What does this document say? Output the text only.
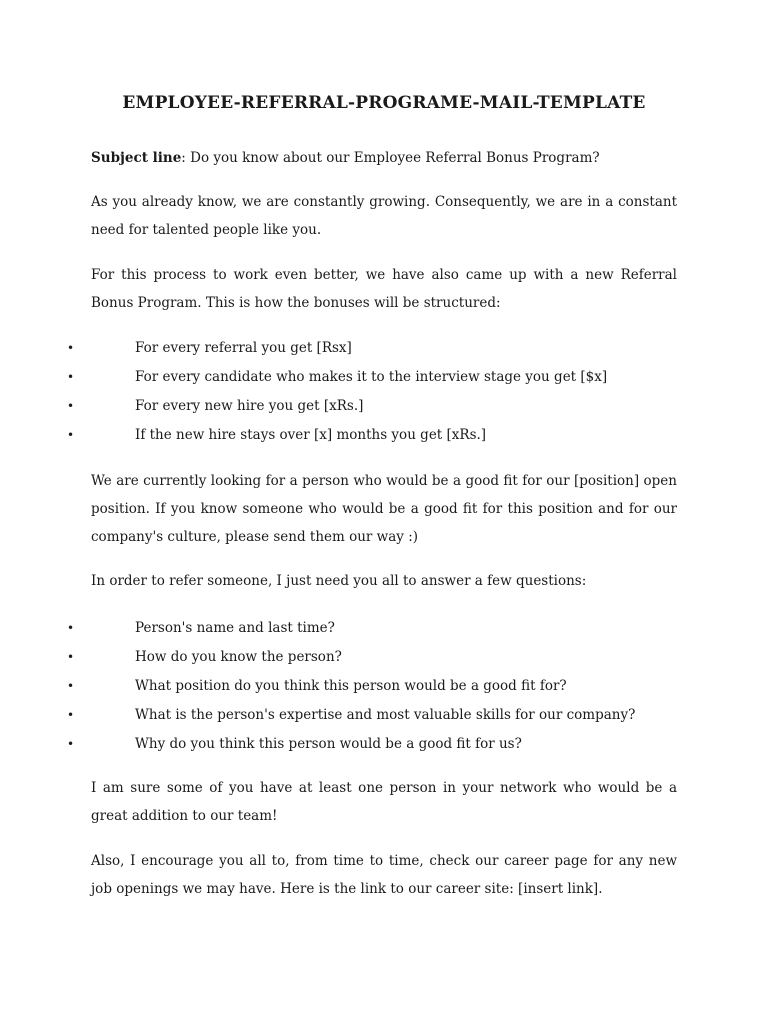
EMPLOYEE-REFERRAL-PROGRAME-MAIL-TEMPLATE
Subject line: Do you know about our Employee Referral Bonus Program?
As you already know, we are constantly growing. Consequently, we are in a constant need for talented people like you.
For this process to work even better, we have also came up with a new Referral Bonus Program. This is how the bonuses will be structured:
•	For every referral you get [Rsx]
•	For every candidate who makes it to the interview stage you get [$x]
•	For every new hire you get [xRs.]
•	If the new hire stays over [x] months you get [xRs.]
We are currently looking for a person who would be a good fit for our [position] open position. If you know someone who would be a good fit for this position and for our company's culture, please send them our way :)
In order to refer someone, I just need you all to answer a few questions:
•	Person's name and last time?
•	How do you know the person?
•	What position do you think this person would be a good fit for?
•	What is the person's expertise and most valuable skills for our company?
•	Why do you think this person would be a good fit for us?
I am sure some of you have at least one person in your network who would be a great addition to our team!
Also, I encourage you all to, from time to time, check our career page for any new job openings we may have. Here is the link to our career site: [insert link].
